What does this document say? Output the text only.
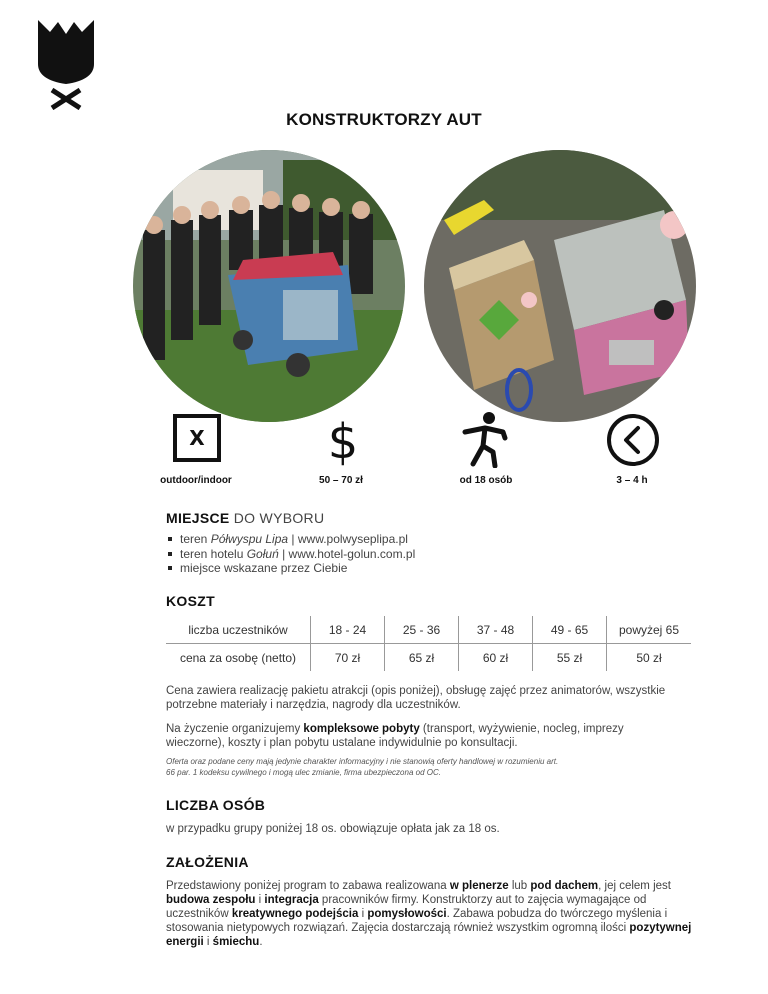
KONSTRUKTORZY AUT
X	$
outdoor/indoor	50 – 70 zł	od 18 osób	3 – 4 h
MIEJSCE DO WYBORU
teren Półwyspu Lipa | www.polwyseplipa.pl
teren hotelu Gołuń | www.hotel-golun.com.pl
miejsce wskazane przez Ciebie
KOSZT
liczba uczestników	18 - 24	25 - 36	37 - 48	49 - 65	powyżej 65
cena za osobę (netto)	70 zł	65 zł	60 zł	55 zł	50 zł
Cena zawiera realizację pakietu atrakcji (opis poniżej), obsługę zajęć przez animatorów, wszystkie potrzebne materiały i narzędzia, nagrody dla uczestników.
Na życzenie organizujemy kompleksowe pobyty (transport, wyżywienie, nocleg, imprezy wieczorne), koszty i plan pobytu ustalane indywidulnie po konsultacji.
Oferta oraz podane ceny mają jedynie charakter informacyjny i nie stanowią oferty handlowej w rozumieniu art. 66 par. 1 kodeksu cywilnego i mogą ulec zmianie, firma ubezpieczona od OC.
LICZBA OSÓB
w przypadku grupy poniżej 18 os. obowiązuje opłata jak za 18 os.
ZAŁOŻENIA
Przedstawiony poniżej program to zabawa realizowana w plenerze lub pod dachem, jej celem jest budowa zespołu i integracja pracowników firmy. Konstruktorzy aut to zajęcia wymagające od uczestników kreatywnego podejścia i pomysłowości. Zabawa pobudza do twórczego myślenia i stosowania nietypowych rozwiązań. Zajęcia dostarczają również wszystkim ogromną ilości pozytywnej energii i śmiechu.
